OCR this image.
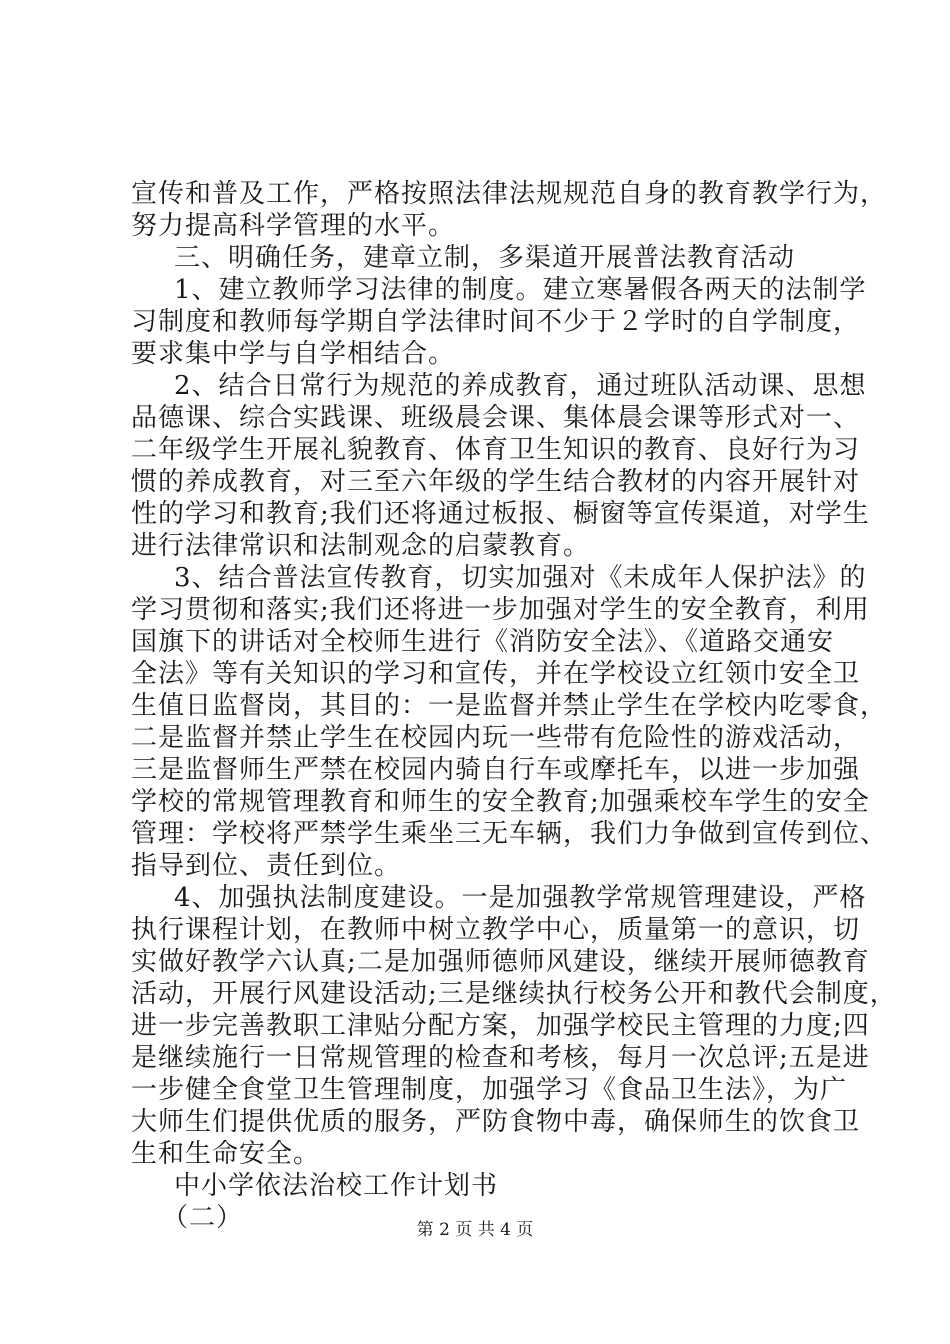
宣传和普及工作，严格按照法律法规规范自身的教育教学行为，
努力提高科学管理的水平。
三、明确任务，建章立制，多渠道开展普法教育活动
1、建立教师学习法律的制度。建立寒暑假各两天的法制学
习制度和教师每学期自学法律时间不少于２学时的自学制度，
要求集中学与自学相结合。
2、结合日常行为规范的养成教育，通过班队活动课、思想
品德课、综合实践课、班级晨会课、集体晨会课等形式对一、
二年级学生开展礼貌教育、体育卫生知识的教育、良好行为习
惯的养成教育，对三至六年级的学生结合教材的内容开展针对
性的学习和教育;我们还将通过板报、橱窗等宣传渠道，对学生
进行法律常识和法制观念的启蒙教育。
3、结合普法宣传教育，切实加强对《未成年人保护法》的
学习贯彻和落实;我们还将进一步加强对学生的安全教育，利用
国旗下的讲话对全校师生进行《消防安全法》、《道路交通安
全法》等有关知识的学习和宣传，并在学校设立红领巾安全卫
生值日监督岗，其目的：一是监督并禁止学生在学校内吃零食，
二是监督并禁止学生在校园内玩一些带有危险性的游戏活动，
三是监督师生严禁在校园内骑自行车或摩托车，以进一步加强
学校的常规管理教育和师生的安全教育;加强乘校车学生的安全
管理：学校将严禁学生乘坐三无车辆，我们力争做到宣传到位、
指导到位、责任到位。
4、加强执法制度建设。一是加强教学常规管理建设，严格
执行课程计划，在教师中树立教学中心，质量第一的意识，切
实做好教学六认真;二是加强师德师风建设，继续开展师德教育
活动，开展行风建设活动;三是继续执行校务公开和教代会制度，
进一步完善教职工津贴分配方案，加强学校民主管理的力度;四
是继续施行一日常规管理的检查和考核，每月一次总评;五是进
一步健全食堂卫生管理制度，加强学习《食品卫生法》，为广
大师生们提供优质的服务，严防食物中毒，确保师生的饮食卫
生和生命安全。
中小学依法治校工作计划书
（二）	第 2 页 共 4 页
